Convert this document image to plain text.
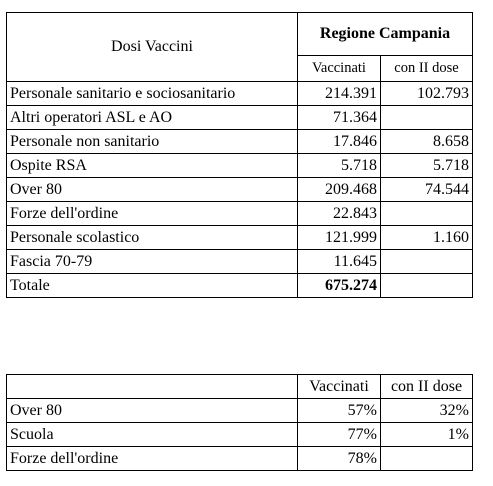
Dosi Vaccini	Regione Campania	
	Vaccinati	con II dose
Personale sanitario e sociosanitario	214.391	102.793
Altri operatori ASL e AO	71.364	
Personale non sanitario	17.846	8.658
Ospite RSA	5.718	5.718
Over 80	209.468	74.544
Forze dell'ordine	22.843	
Personale scolastico	121.999	1.160
Fascia 70-79	11.645	
Totale	675.274	
	Vaccinati	con II dose
Over 80	57%	32%
Scuola	77%	1%
Forze dell'ordine	78%	
